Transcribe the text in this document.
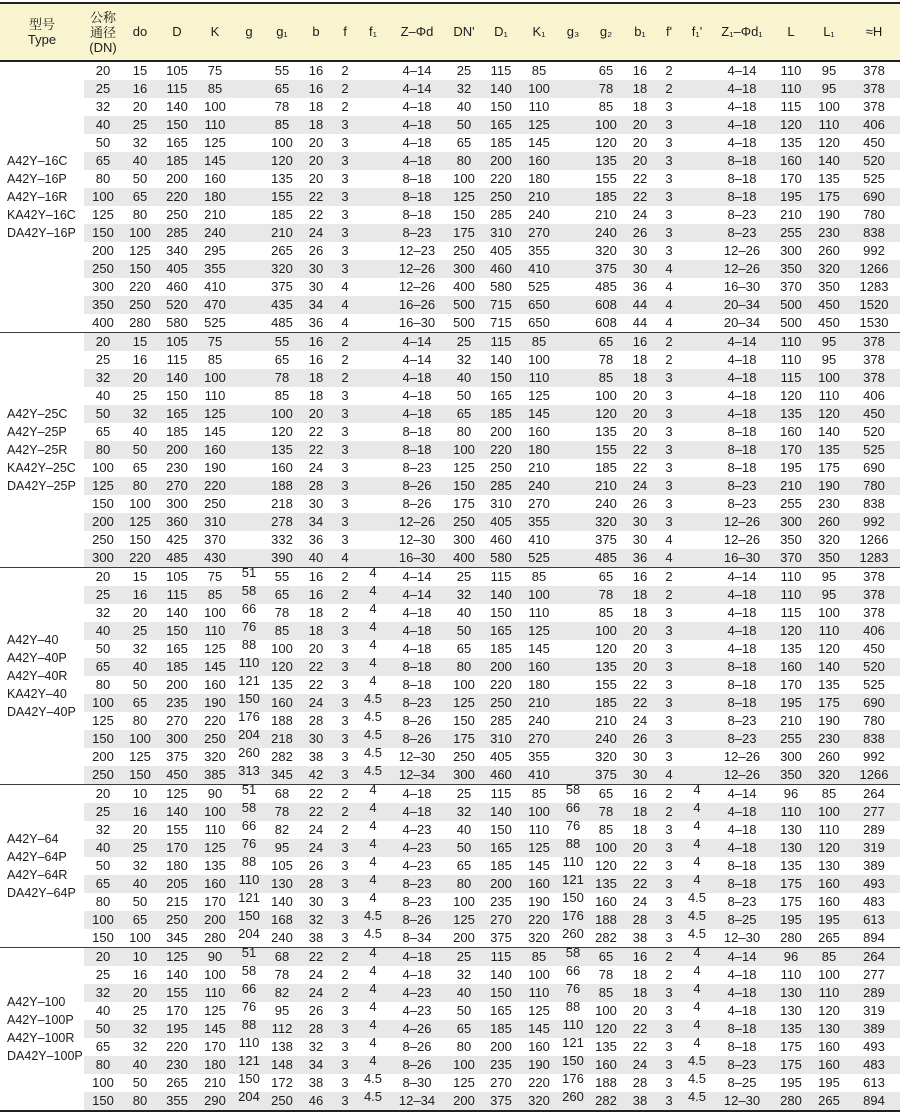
型号
Type

公称
通径
(DN)
	do	D	K	g	g₁	b	f	f₁	Z–Φd	DN'	D₁	K₁	g₃	g₂	b₁	f'	f₁'	Z₁–Φd₁	L	L₁	≈H

A42Y–16C
A42Y–16P
A42Y–16R
KA42Y–16C
DA42Y–16P	20	15	105	75		55	16	2		4–14	25	115	85		65	16	2		4–14	110	95	378
	25	16	115	85		65	16	2		4–14	32	140	100		78	18	2		4–18	110	95	378
	32	20	140	100		78	18	2		4–18	40	150	110		85	18	3		4–18	115	100	378
	40	25	150	110		85	18	3		4–18	50	165	125		100	20	3		4–18	120	110	406
	50	32	165	125		100	20	3		4–18	65	185	145		120	20	3		4–18	135	120	450
	65	40	185	145		120	20	3		4–18	80	200	160		135	20	3		8–18	160	140	520
	80	50	200	160		135	20	3		8–18	100	220	180		155	22	3		8–18	170	135	525
	100	65	220	180		155	22	3		8–18	125	250	210		185	22	3		8–18	195	175	690
	125	80	250	210		185	22	3		8–18	150	285	240		210	24	3		8–23	210	190	780
	150	100	285	240		210	24	3		8–23	175	310	270		240	26	3		8–23	255	230	838
	200	125	340	295		265	26	3		12–23	250	405	355		320	30	3		12–26	300	260	992
	250	150	405	355		320	30	3		12–26	300	460	410		375	30	4		12–26	350	320	1266
	300	220	460	410		375	30	4		12–26	400	580	525		485	36	4		16–30	370	350	1283
	350	250	520	470		435	34	4		16–26	500	715	650		608	44	4		20–34	500	450	1520
	400	280	580	525		485	36	4		16–30	500	715	650		608	44	4		20–34	500	450	1530

A42Y–25C
A42Y–25P
A42Y–25R
KA42Y–25C
DA42Y–25P	20	15	105	75		55	16	2		4–14	25	115	85		65	16	2		4–14	110	95	378
	25	16	115	85		65	16	2		4–14	32	140	100		78	18	2		4–18	110	95	378
	32	20	140	100		78	18	2		4–18	40	150	110		85	18	3		4–18	115	100	378
	40	25	150	110		85	18	3		4–18	50	165	125		100	20	3		4–18	120	110	406
	50	32	165	125		100	20	3		4–18	65	185	145		120	20	3		4–18	135	120	450
	65	40	185	145		120	22	3		8–18	80	200	160		135	20	3		8–18	160	140	520
	80	50	200	160		135	22	3		8–18	100	220	180		155	22	3		8–18	170	135	525
	100	65	230	190		160	24	3		8–23	125	250	210		185	22	3		8–18	195	175	690
	125	80	270	220		188	28	3		8–26	150	285	240		210	24	3		8–23	210	190	780
	150	100	300	250		218	30	3		8–26	175	310	270		240	26	3		8–23	255	230	838
	200	125	360	310		278	34	3		12–26	250	405	355		320	30	3		12–26	300	260	992
	250	150	425	370		332	36	3		12–30	300	460	410		375	30	4		12–26	350	320	1266
	300	220	485	430		390	40	4		16–30	400	580	525		485	36	4		16–30	370	350	1283

A42Y–40
A42Y–40P
A42Y–40R
KA42Y–40
DA42Y–40P	20	15	105	75	51	55	16	2	4	4–14	25	115	85		65	16	2		4–14	110	95	378
	25	16	115	85	58	65	16	2	4	4–14	32	140	100		78	18	2		4–18	110	95	378
	32	20	140	100	66	78	18	2	4	4–18	40	150	110		85	18	3		4–18	115	100	378
	40	25	150	110	76	85	18	3	4	4–18	50	165	125		100	20	3		4–18	120	110	406
	50	32	165	125	88	100	20	3	4	4–18	65	185	145		120	20	3		4–18	135	120	450
	65	40	185	145	110	120	22	3	4	8–18	80	200	160		135	20	3		8–18	160	140	520
	80	50	200	160	121	135	22	3	4	8–18	100	220	180		155	22	3		8–18	170	135	525
	100	65	235	190	150	160	24	3	4.5	8–23	125	250	210		185	22	3		8–18	195	175	690
	125	80	270	220	176	188	28	3	4.5	8–26	150	285	240		210	24	3		8–23	210	190	780
	150	100	300	250	204	218	30	3	4.5	8–26	175	310	270		240	26	3		8–23	255	230	838
	200	125	375	320	260	282	38	3	4.5	12–30	250	405	355		320	30	3		12–26	300	260	992
	250	150	450	385	313	345	42	3	4.5	12–34	300	460	410		375	30	4		12–26	350	320	1266

A42Y–64
A42Y–64P
A42Y–64R
DA42Y–64P	20	10	125	90	51	68	22	2	4	4–18	25	115	85	58	65	16	2	4	4–14	96	85	264
	25	16	140	100	58	78	22	2	4	4–18	32	140	100	66	78	18	2	4	4–18	110	100	277
	32	20	155	110	66	82	24	2	4	4–23	40	150	110	76	85	18	3	4	4–18	130	110	289
	40	25	170	125	76	95	24	3	4	4–23	50	165	125	88	100	20	3	4	4–18	130	120	319
	50	32	180	135	88	105	26	3	4	4–23	65	185	145	110	120	22	3	4	8–18	135	130	389
	65	40	205	160	110	130	28	3	4	8–23	80	200	160	121	135	22	3	4	8–18	175	160	493
	80	50	215	170	121	140	30	3	4	8–23	100	235	190	150	160	24	3	4.5	8–23	175	160	483
	100	65	250	200	150	168	32	3	4.5	8–26	125	270	220	176	188	28	3	4.5	8–25	195	195	613
	150	100	345	280	204	240	38	3	4.5	8–34	200	375	320	260	282	38	3	4.5	12–30	280	265	894

A42Y–100
A42Y–100P
A42Y–100R
DA42Y–100P	20	10	125	90	51	68	22	2	4	4–18	25	115	85	58	65	16	2	4	4–14	96	85	264
	25	16	140	100	58	78	24	2	4	4–18	32	140	100	66	78	18	2	4	4–18	110	100	277
	32	20	155	110	66	82	24	2	4	4–23	40	150	110	76	85	18	3	4	4–18	130	110	289
	40	25	170	125	76	95	26	3	4	4–23	50	165	125	88	100	20	3	4	4–18	130	120	319
	50	32	195	145	88	112	28	3	4	4–26	65	185	145	110	120	22	3	4	8–18	135	130	389
	65	32	220	170	110	138	32	3	4	8–26	80	200	160	121	135	22	3	4	8–18	175	160	493
	80	40	230	180	121	148	34	3	4	8–26	100	235	190	150	160	24	3	4.5	8–23	175	160	483
	100	50	265	210	150	172	38	3	4.5	8–30	125	270	220	176	188	28	3	4.5	8–25	195	195	613
	150	80	355	290	204	250	46	3	4.5	12–34	200	375	320	260	282	38	3	4.5	12–30	280	265	894
